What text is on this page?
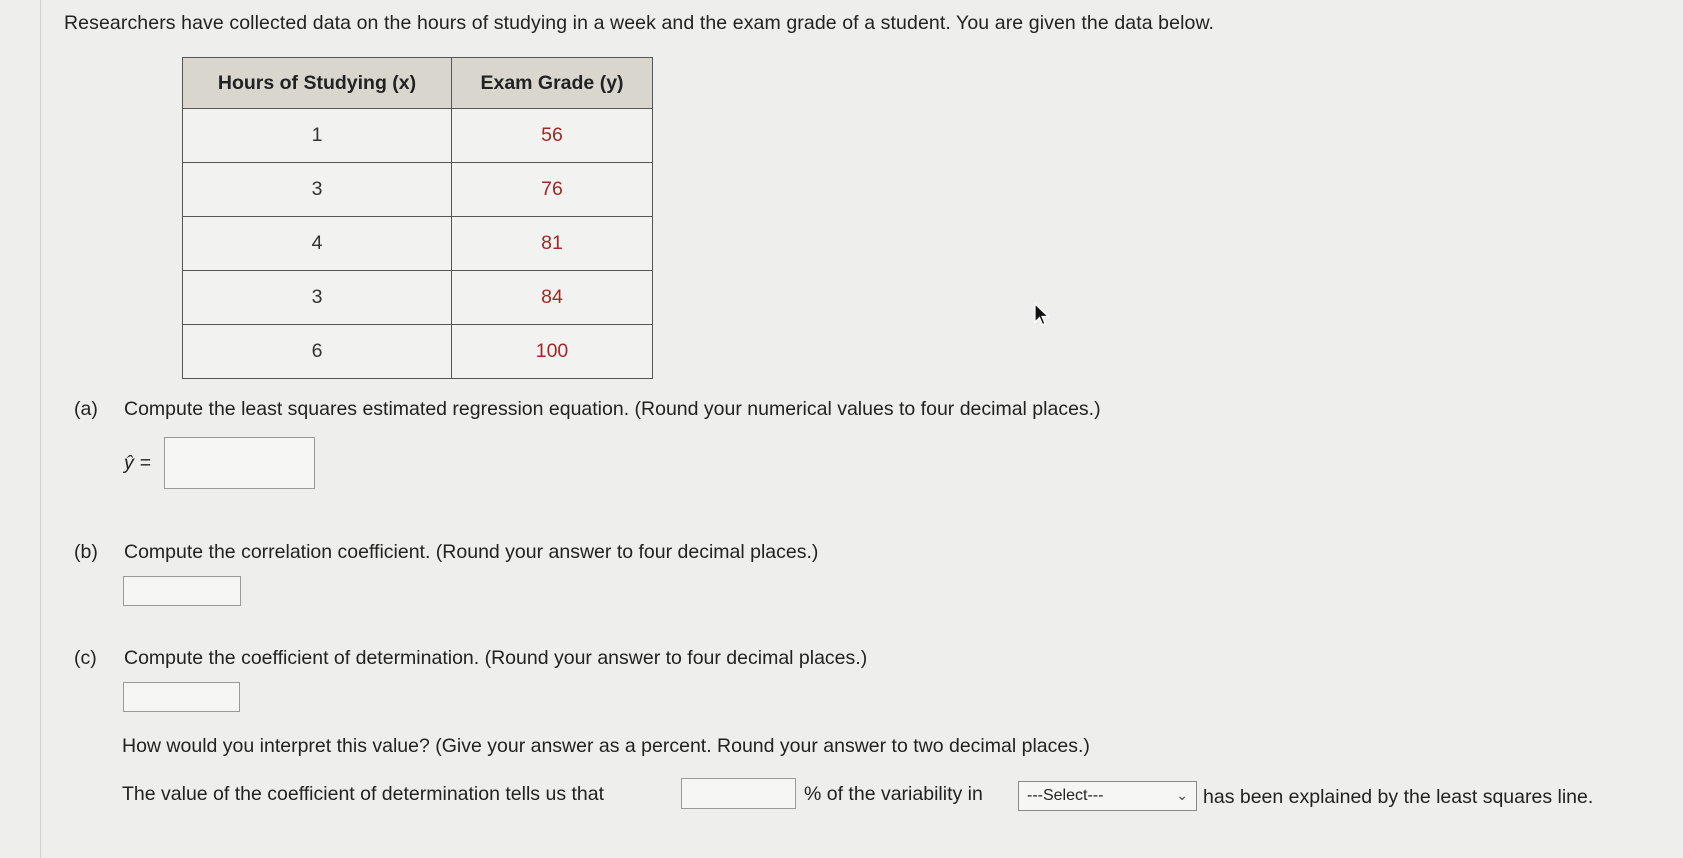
Researchers have collected data on the hours of studying in a week and the exam grade of a student. You are given the data below.
Hours of Studying (x)	Exam Grade (y)
1	56
3	76
4	81
3	84
6	100
(a) Compute the least squares estimated regression equation. (Round your numerical values to four decimal places.)
ŷ =
(b) Compute the correlation coefficient. (Round your answer to four decimal places.)
(c) Compute the coefficient of determination. (Round your answer to four decimal places.)
How would you interpret this value? (Give your answer as a percent. Round your answer to two decimal places.)
The value of the coefficient of determination tells us that	% of the variability in	---Select---	⌄ has been explained by the least squares line.
